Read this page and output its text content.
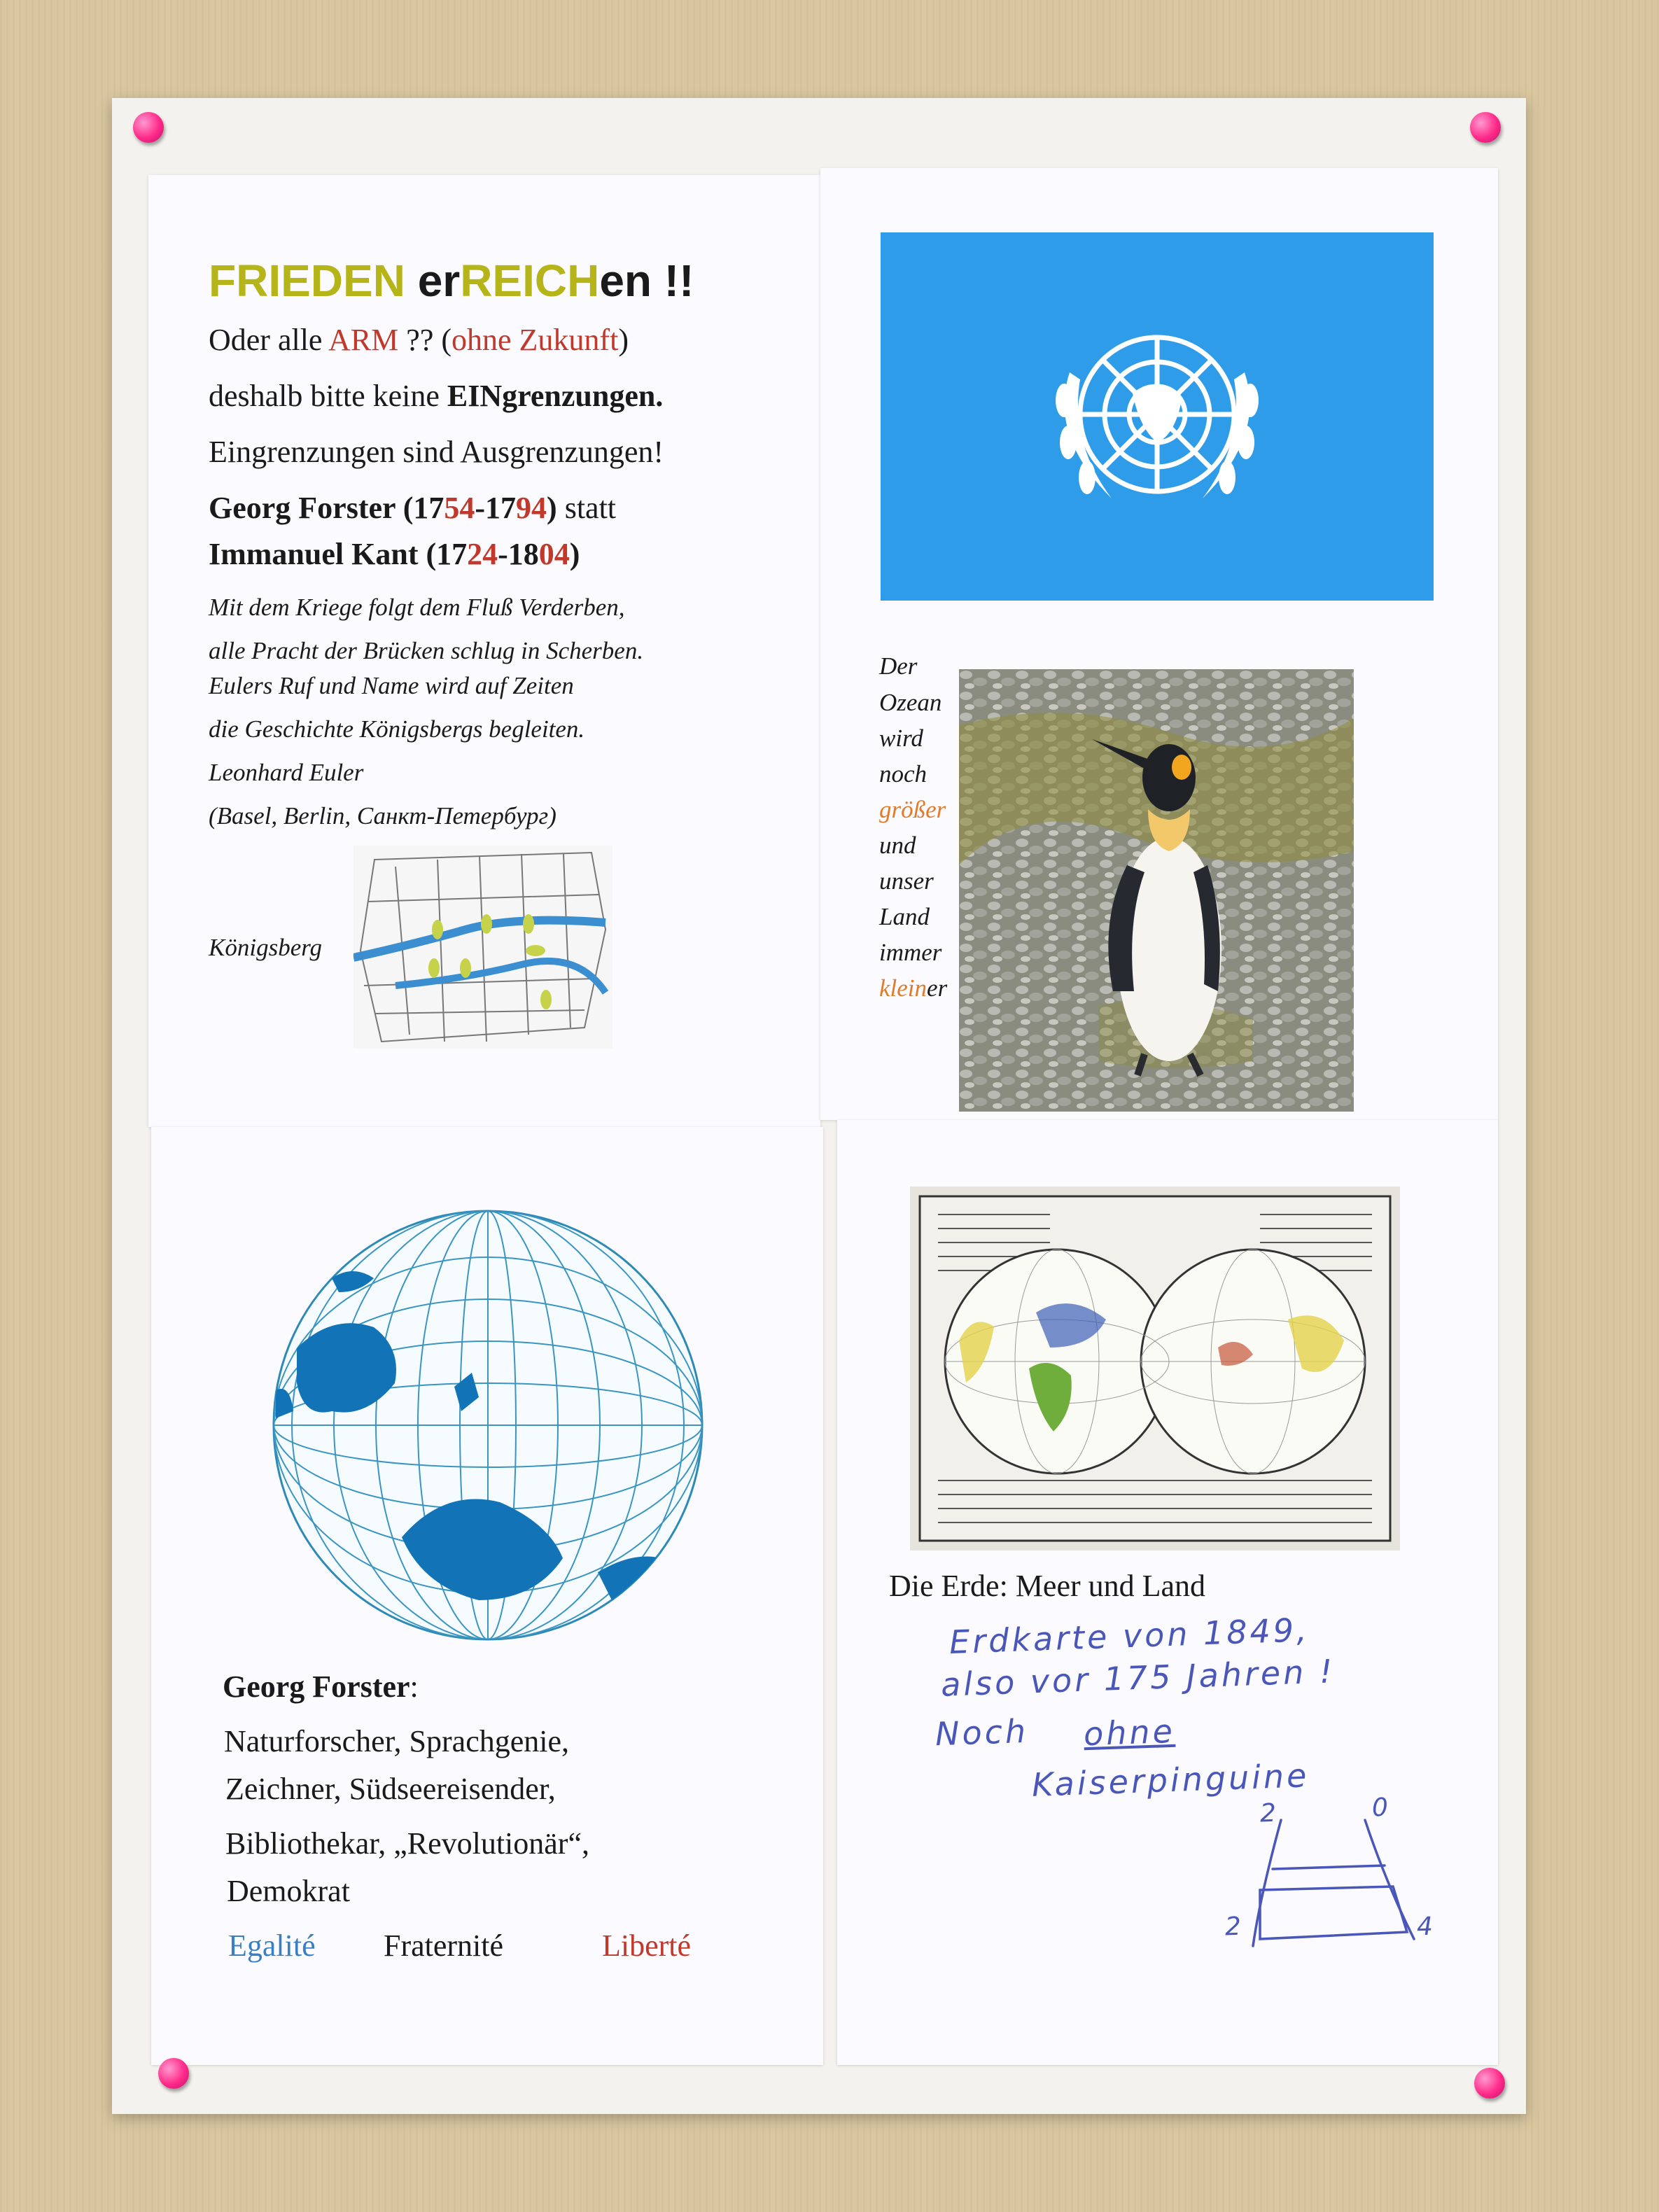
FRIEDEN erREICHen !!
Oder alle ARM ?? (ohne Zukunft)
deshalb bitte keine EINgrenzungen.
Eingrenzungen sind Ausgrenzungen!
Georg Forster (1754-1794) statt
Immanuel Kant (1724-1804)
Mit dem Kriege folgt dem Fluß Verderben,
alle Pracht der Brücken schlug in Scherben.
Eulers Ruf und Name wird auf Zeiten
die Geschichte Königsbergs begleiten.
Leonhard Euler
(Basel, Berlin, Санкт-Петербург)
Königsberg
Der
Ozean
wird
noch
größer
und
unser
Land
immer
kleiner
Georg Forster:
Naturforscher, Sprachgenie,
Zeichner, Südseereisender,
Bibliothekar, „Revolutionär“,
Demokrat
Egalité Fraternité	Liberté
Die Erde: Meer und Land
Erdkarte von 1849,
also vor 175 Jahren !
Noch ohne
Kaiserpinguine
2	0
2	4
